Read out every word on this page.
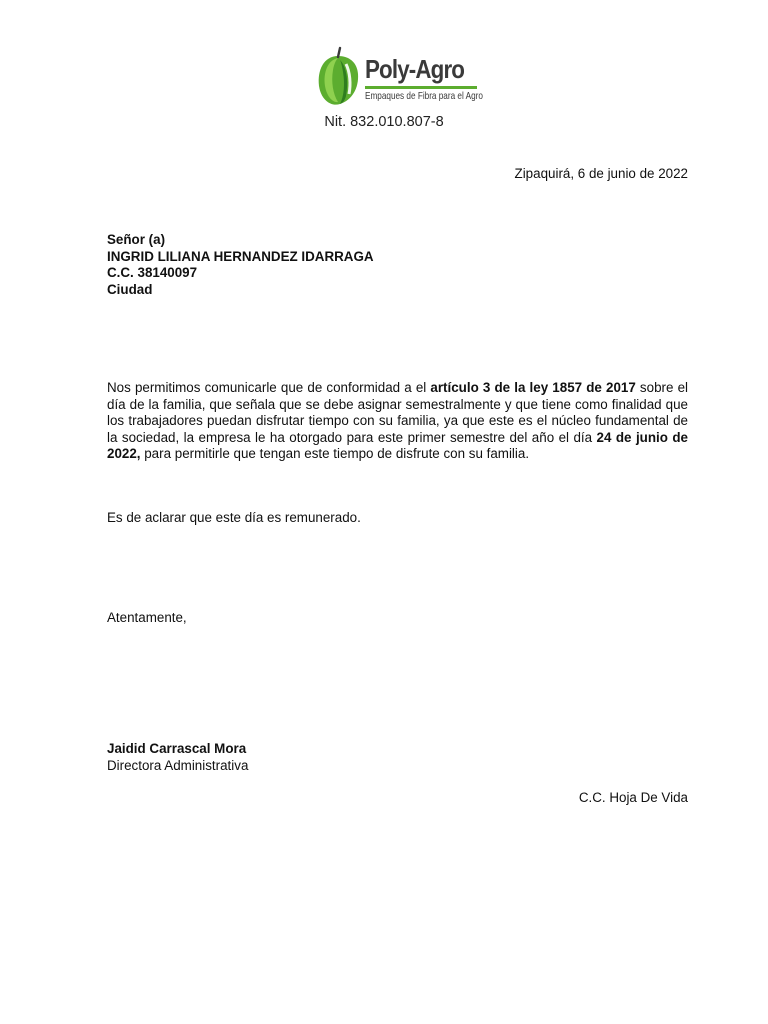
Poly-Agro
Empaques de Fibra para el Agro
Nit. 832.010.807-8
Zipaquirá, 6 de junio de 2022
Señor (a)
INGRID LILIANA HERNANDEZ IDARRAGA
C.C. 38140097
Ciudad
Nos permitimos comunicarle que de conformidad a el artículo 3 de la ley 1857 de 2017 sobre el día de la familia, que señala que se debe asignar semestralmente y que tiene como finalidad que los trabajadores puedan disfrutar tiempo con su familia, ya que este es el núcleo fundamental de la sociedad, la empresa le ha otorgado para este primer semestre del año el día 24 de junio de 2022, para permitirle que tengan este tiempo de disfrute con su familia.
Es de aclarar que este día es remunerado.
Atentamente,
Jaidid Carrascal Mora
Directora Administrativa
C.C. Hoja De Vida
